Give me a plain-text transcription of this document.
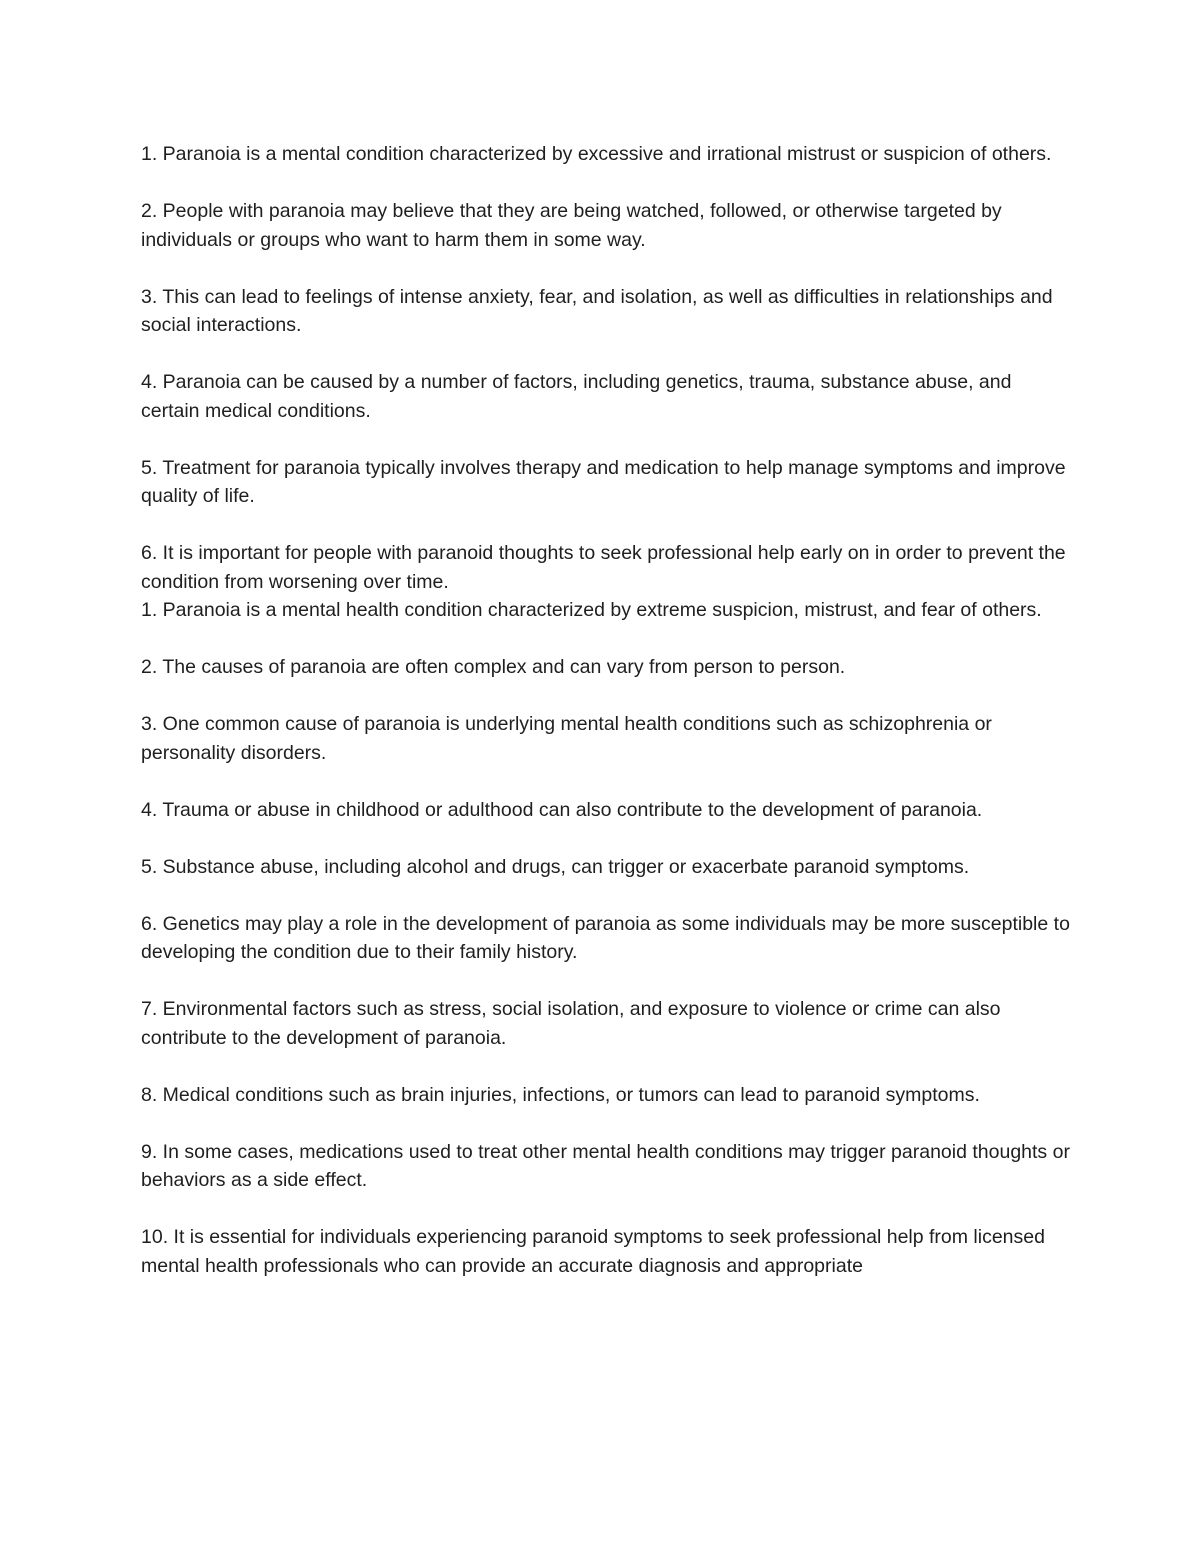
1. Paranoia is a mental condition characterized by excessive and irrational mistrust or suspicion of others.

2. People with paranoia may believe that they are being watched, followed, or otherwise targeted by individuals or groups who want to harm them in some way.

3. This can lead to feelings of intense anxiety, fear, and isolation, as well as difficulties in relationships and social interactions.

4. Paranoia can be caused by a number of factors, including genetics, trauma, substance abuse, and certain medical conditions.

5. Treatment for paranoia typically involves therapy and medication to help manage symptoms and improve quality of life.

6. It is important for people with paranoid thoughts to seek professional help early on in order to prevent the condition from worsening over time.

1. Paranoia is a mental health condition characterized by extreme suspicion, mistrust, and fear of others.

2. The causes of paranoia are often complex and can vary from person to person.

3. One common cause of paranoia is underlying mental health conditions such as schizophrenia or personality disorders.

4. Trauma or abuse in childhood or adulthood can also contribute to the development of paranoia.

5. Substance abuse, including alcohol and drugs, can trigger or exacerbate paranoid symptoms.

6. Genetics may play a role in the development of paranoia as some individuals may be more susceptible to developing the condition due to their family history.

7. Environmental factors such as stress, social isolation, and exposure to violence or crime can also contribute to the development of paranoia.

8. Medical conditions such as brain injuries, infections, or tumors can lead to paranoid symptoms.

9. In some cases, medications used to treat other mental health conditions may trigger paranoid thoughts or behaviors as a side effect.

10. It is essential for individuals experiencing paranoid symptoms to seek professional help from licensed mental health professionals who can provide an accurate diagnosis and appropriate
